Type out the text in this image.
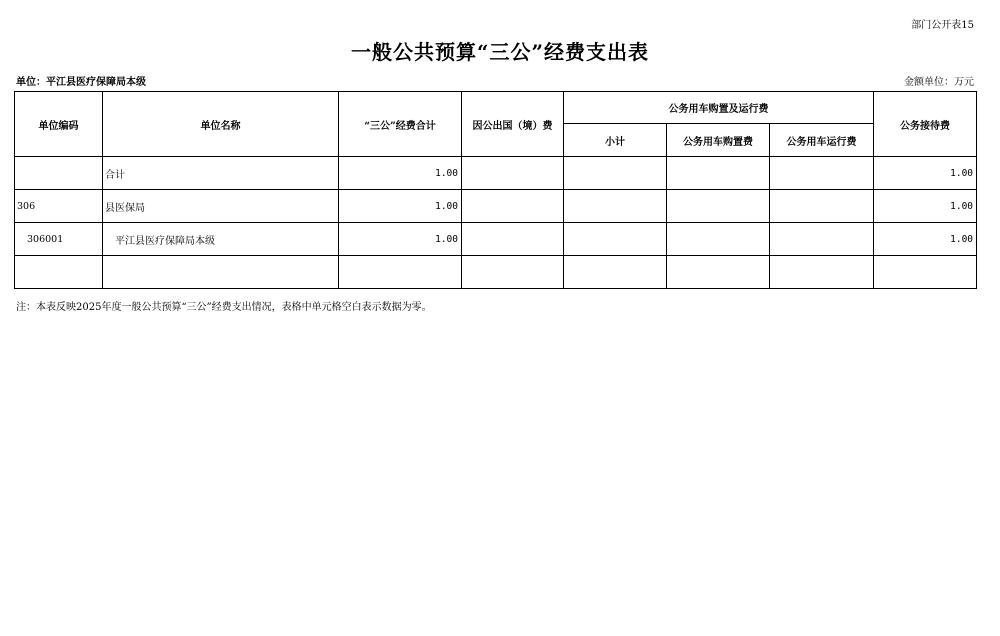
部门公开表15
一般公共预算“三公”经费支出表
单位：平江县医疗保障局本级	金额单位：万元
单位编码	单位名称	“三公”经费合计	因公出国（境）费	公务用车购置及运行费			公务接待费
				小计	公务用车购置费	公务用车运行费	
	合计	1.00					1.00
306	县医保局	1.00					1.00
306001	平江县医疗保障局本级	1.00					1.00

注：本表反映2025年度一般公共预算“三公”经费支出情况，表格中单元格空白表示数据为零。
